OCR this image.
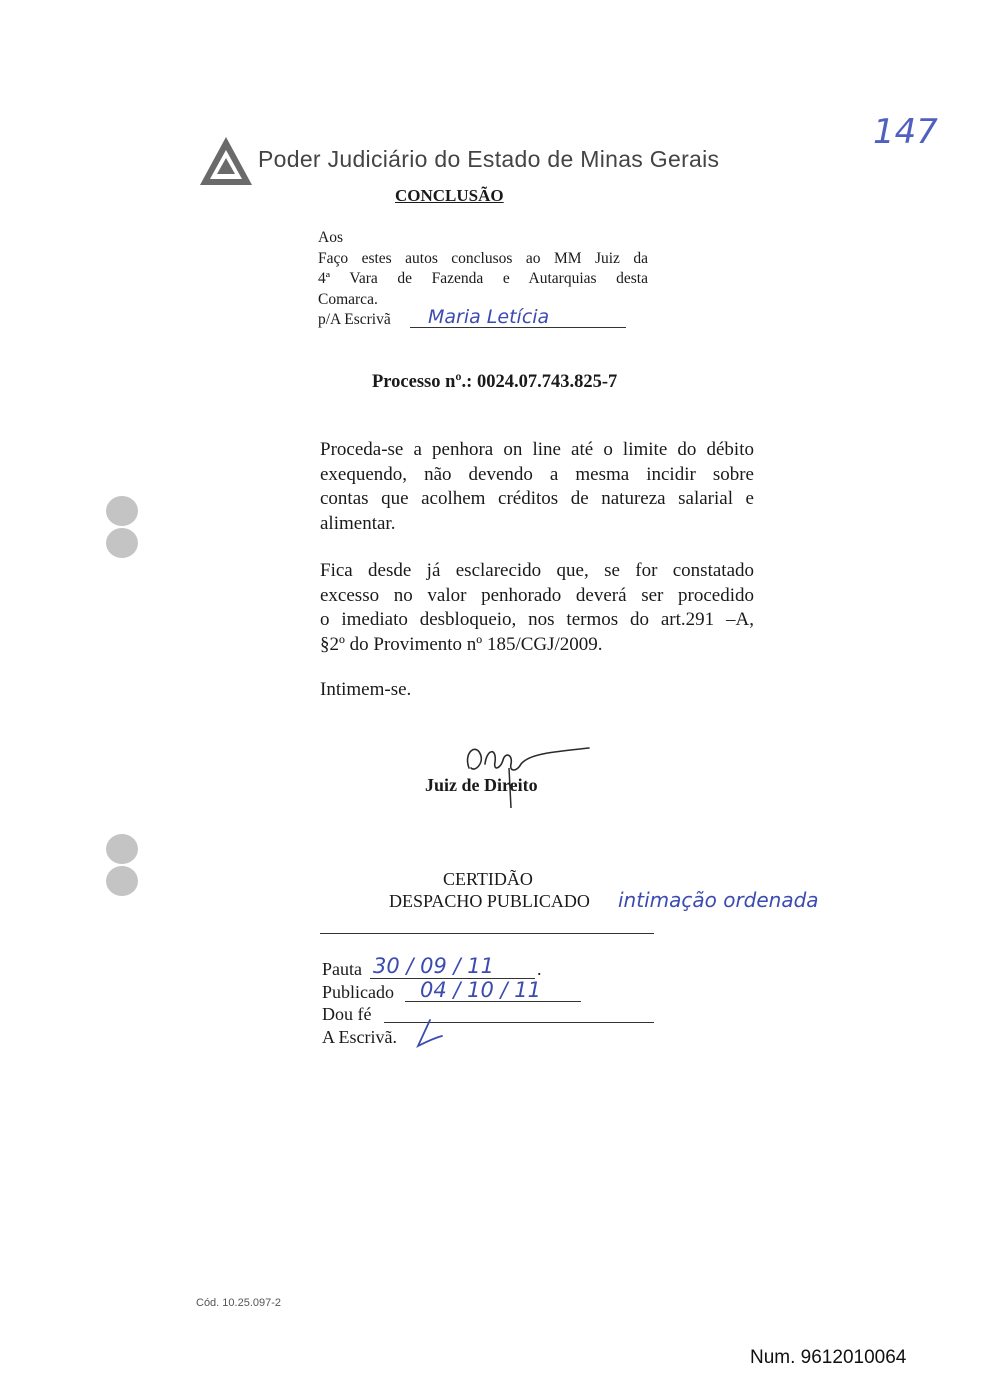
Poder Judiciário do Estado de Minas Gerais
147
CONCLUSÃO
Aos
Faço estes autos conclusos ao MM Juiz da
4ª Vara de Fazenda e Autarquias desta
Comarca.
p/A Escrivã Maria Letícia
Processo nº.: 0024.07.743.825-7
Proceda-se a penhora on line até o limite do débito
exequendo, não devendo a mesma incidir sobre
contas que acolhem créditos de natureza salarial e
alimentar.
Fica desde já esclarecido que, se for constatado
excesso no valor penhorado deverá ser procedido
o imediato desbloqueio, nos termos do art.291 –A,
§2º do Provimento nº 185/CGJ/2009.
Intimem-se.
Juiz de Direito
CERTIDÃO
DESPACHO PUBLICADO intimação ordenada
Pauta 30 / 09 / 11 .
Publicado 04 / 10 / 11
Dou fé
A Escrivã.
Cód. 10.25.097-2
Num. 9612010064
